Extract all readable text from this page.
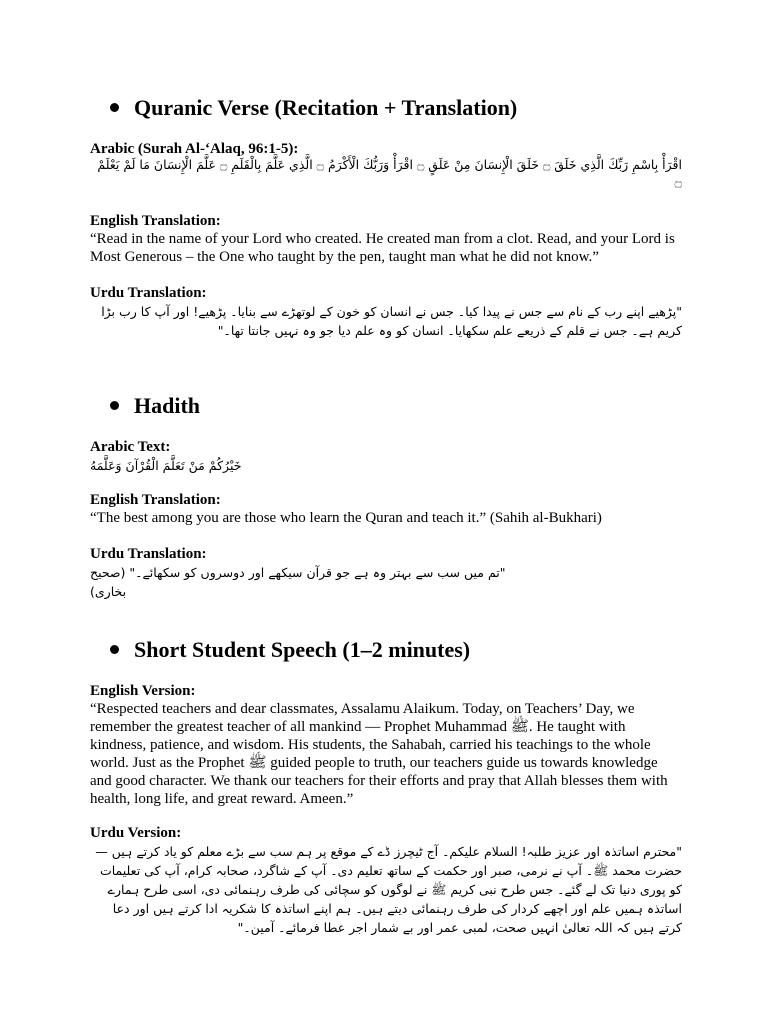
Quranic Verse (Recitation + Translation)
Arabic (Surah Al-‘Alaq, 96:1-5):
اقْرَأْ بِاسْمِ رَبِّكَ الَّذِي خَلَقَ ۝ خَلَقَ الْإِنسَانَ مِنْ عَلَقٍ ۝ اقْرَأْ وَرَبُّكَ الْأَكْرَمُ ۝ الَّذِي عَلَّمَ بِالْقَلَمِ ۝ عَلَّمَ الْإِنسَانَ مَا لَمْ يَعْلَمْ ۝
English Translation:
“Read in the name of your Lord who created. He created man from a clot. Read, and your Lord is Most Generous – the One who taught by the pen, taught man what he did not know.”
Urdu Translation:
"پڑھیے اپنے رب کے نام سے جس نے پیدا کیا۔ جس نے انسان کو خون کے لوتھڑے سے بنایا۔ پڑھیے! اور آپ کا رب بڑا کریم ہے۔ جس نے قلم کے ذریعے علم سکھایا۔ انسان کو وہ علم دیا جو وہ نہیں جانتا تھا۔"
Hadith
Arabic Text:
خَيْرُكُمْ مَنْ تَعَلَّمَ الْقُرْآنَ وَعَلَّمَهُ
English Translation:
“The best among you are those who learn the Quran and teach it.” (Sahih al-Bukhari)
Urdu Translation:
"تم میں سب سے بہتر وہ ہے جو قرآن سیکھے اور دوسروں کو سکھائے۔" (صحیح بخاری)
Short Student Speech (1–2 minutes)
English Version:
“Respected teachers and dear classmates, Assalamu Alaikum. Today, on Teachers’ Day, we remember the greatest teacher of all mankind — Prophet Muhammad ﷺ. He taught with kindness, patience, and wisdom. His students, the Sahabah, carried his teachings to the whole world. Just as the Prophet ﷺ guided people to truth, our teachers guide us towards knowledge and good character. We thank our teachers for their efforts and pray that Allah blesses them with health, long life, and great reward. Ameen.”
Urdu Version:
"محترم اساتذہ اور عزیز طلبہ! السلام علیکم۔ آج ٹیچرز ڈے کے موقع پر ہم سب سے بڑے معلم کو یاد کرتے ہیں — حضرت محمد ﷺ۔ آپ نے نرمی، صبر اور حکمت کے ساتھ تعلیم دی۔ آپ کے شاگرد، صحابہ کرام، آپ کی تعلیمات کو پوری دنیا تک لے گئے۔ جس طرح نبی کریم ﷺ نے لوگوں کو سچائی کی طرف رہنمائی دی، اسی طرح ہمارے اساتذہ ہمیں علم اور اچھے کردار کی طرف رہنمائی دیتے ہیں۔ ہم اپنے اساتذہ کا شکریہ ادا کرتے ہیں اور دعا کرتے ہیں کہ اللہ تعالیٰ انہیں صحت، لمبی عمر اور بے شمار اجر عطا فرمائے۔ آمین۔"
